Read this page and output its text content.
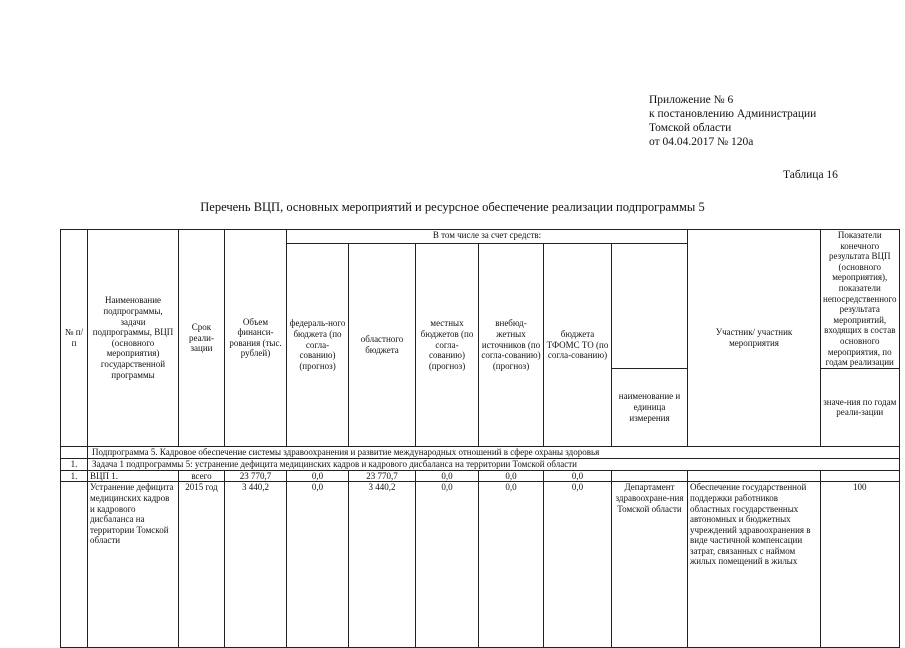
Приложение № 6
к постановлению Администрации
Томской области
от 04.04.2017 № 120а
Таблица 16
Перечень ВЦП, основных мероприятий и ресурсное обеспечение реализации подпрограммы 5
№ п/п	Наименование подпрограммы, задачи подпрограммы, ВЦП (основного мероприятия) государственной программы	Срок реали-зации	Объем финанси-рования (тыс. рублей)	В том числе за счет средств:						Участник/ участник мероприятия	Показатели конечного результата ВЦП (основного мероприятия), показатели непосредственного результата мероприятий, входящих в состав основного мероприятия, по годам реализации
				федераль-ного бюджета (по согла-сованию) (прогноз)	областного бюджета	местных бюджетов (по согла-сованию) (прогноз)	внебюд-жетных источников (по согла-сованию) (прогноз)	бюджета ТФОМС ТО (по согла-сованию)			
									наименование и единица измерения		значе-ния по годам реали-зации
	Подпрограмма 5. Кадровое обеспечение системы здравоохранения и развитие международных отношений в сфере охраны здоровья										
1.	Задача 1 подпрограммы 5: устранение дефицита медицинских кадров и кадрового дисбаланса на территории Томской области										
1.	ВЦП 1.	всего	23 770,7	0,0	23 770,7	0,0	0,0	0,0			
	Устранение дефицита медицинских кадров и кадрового дисбаланса на территории Томской области	2015 год	3 440,2	0,0	3 440,2	0,0	0,0	0,0	Департамент здравоохране-ния Томской области	Обеспечение государственной поддержки работников областных государственных автономных и бюджетных учреждений здравоохранения в виде частичной компенсации затрат, связанных с наймом жилых помещений в жилых	100
